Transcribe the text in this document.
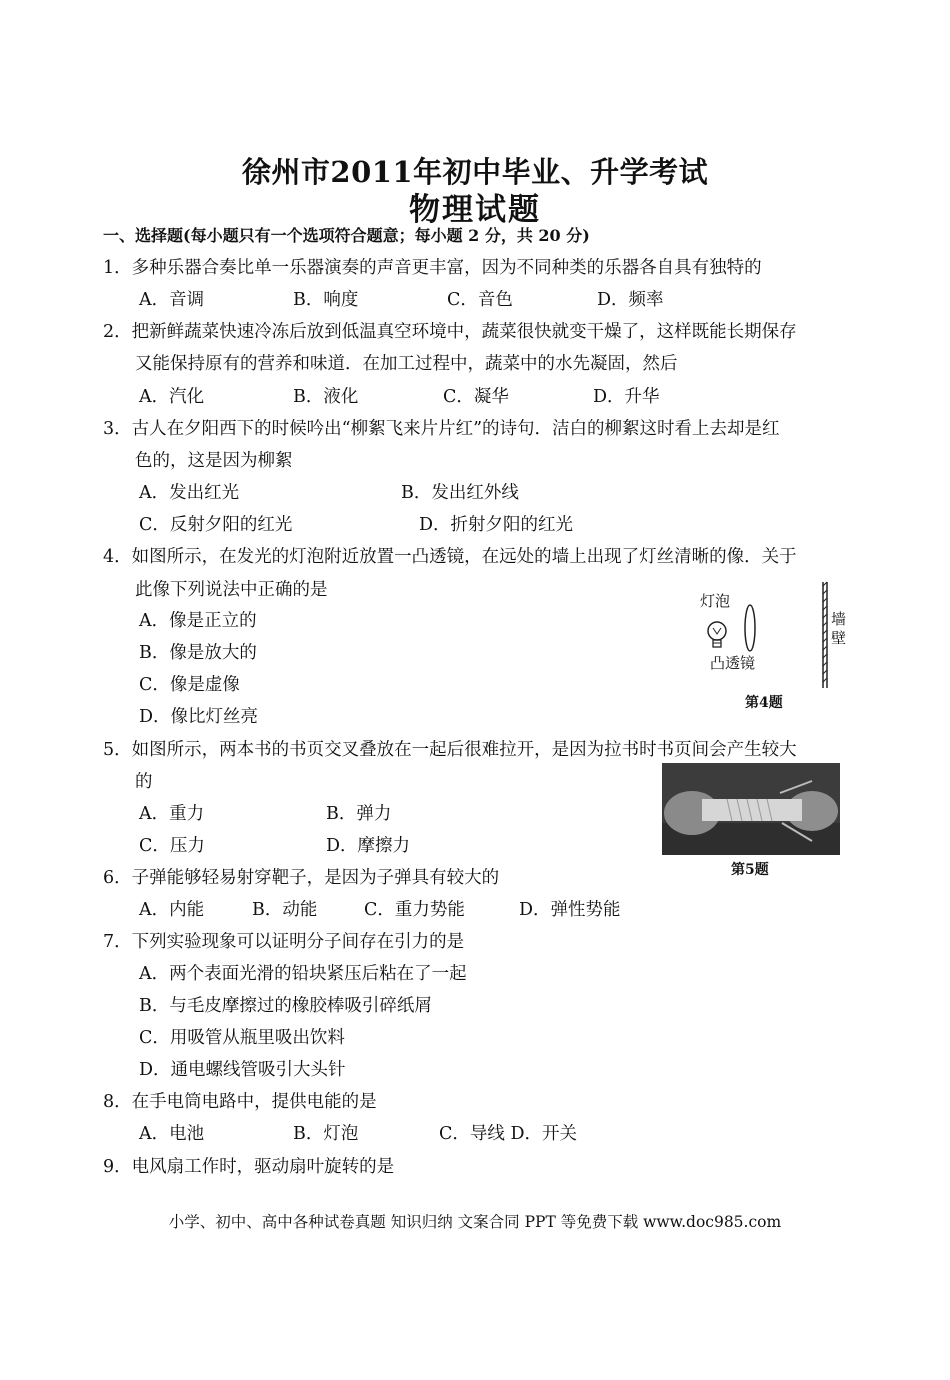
徐州市2011年初中毕业、升学考试
物理试题
一、选择题(每小题只有一个选项符合题意；每小题 2 分，共 20 分)
1．多种乐器合奏比单一乐器演奏的声音更丰富，因为不同种类的乐器各自具有独特的
A．音调	B．响度	C．音色	D．频率
2．把新鲜蔬菜快速冷冻后放到低温真空环境中，蔬菜很快就变干燥了，这样既能长期保存
又能保持原有的营养和味道．在加工过程中，蔬菜中的水先凝固，然后
A．汽化	B．液化	C．凝华	D．升华
3．古人在夕阳西下的时候吟出“柳絮飞来片片红”的诗句．洁白的柳絮这时看上去却是红
色的，这是因为柳絮
A．发出红光	B．发出红外线
C．反射夕阳的红光	D．折射夕阳的红光
4．如图所示，在发光的灯泡附近放置一凸透镜，在远处的墙上出现了灯丝清晰的像．关于
此像下列说法中正确的是
A．像是正立的
B．像是放大的
C．像是虚像
D．像比灯丝亮
灯泡
凸透镜
墙
壁
第4题
5．如图所示，两本书的书页交叉叠放在一起后很难拉开，是因为拉书时书页间会产生较大
的
A．重力	B．弹力
C．压力	D．摩擦力
第5题
6．子弹能够轻易射穿靶子，是因为子弹具有较大的
A．内能	B．动能	C．重力势能	D．弹性势能
7．下列实验现象可以证明分子间存在引力的是
A．两个表面光滑的铅块紧压后粘在了一起
B．与毛皮摩擦过的橡胶棒吸引碎纸屑
C．用吸管从瓶里吸出饮料
D．通电螺线管吸引大头针
8．在手电筒电路中，提供电能的是
A．电池	B．灯泡	C．导线 D．开关
9．电风扇工作时，驱动扇叶旋转的是
小学、初中、高中各种试卷真题 知识归纳 文案合同 PPT 等免费下载 www.doc985.com
